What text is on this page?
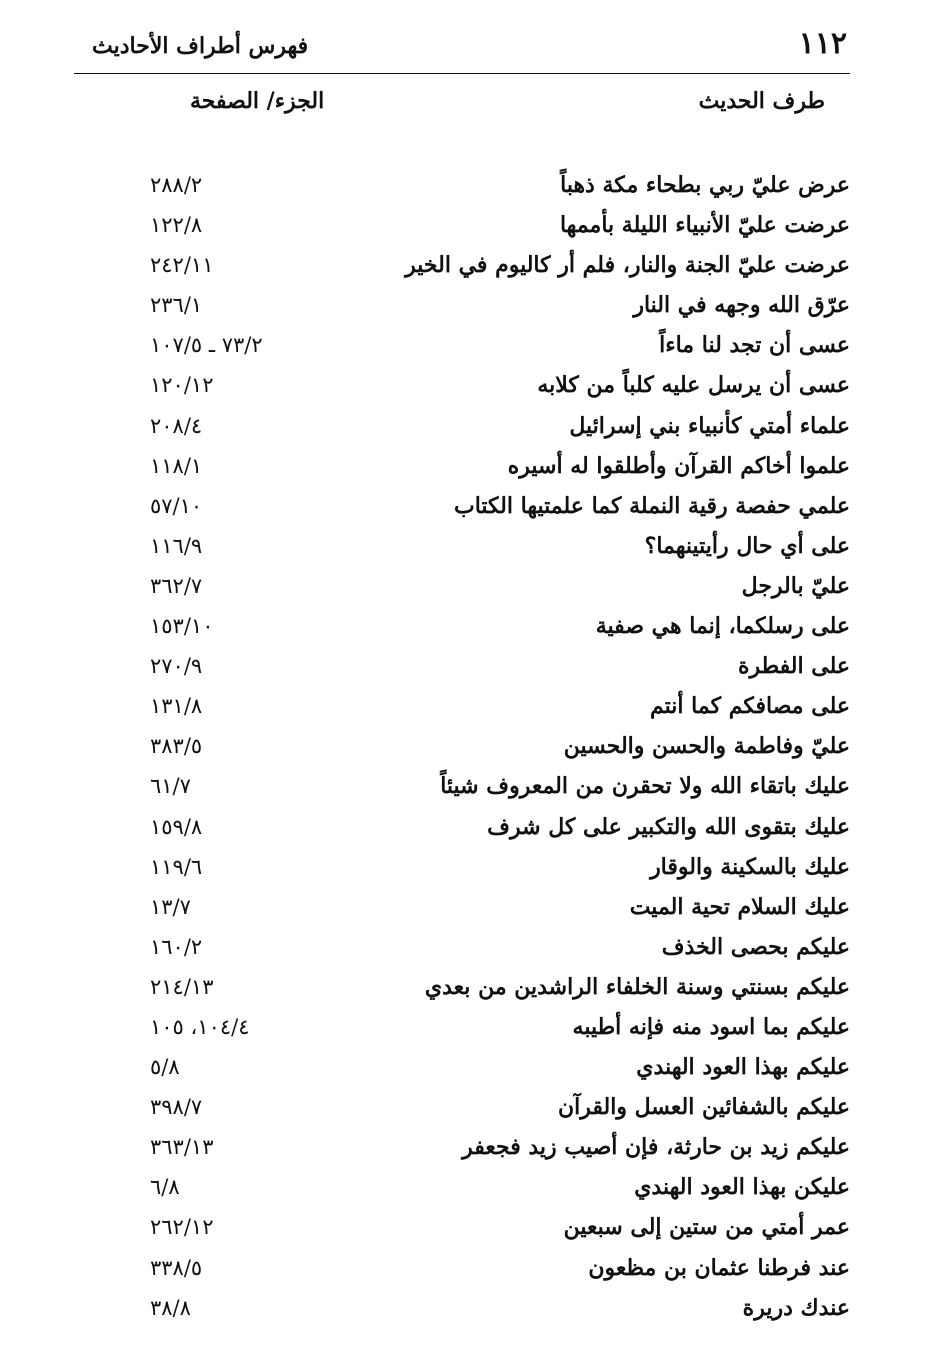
١١٢
فهرس أطراف الأحاديث
طرف الحديث
الجزء/ الصفحة
عرض عليّ ربي بطحاء مكة ذهباً
٢٨٨/٢
عرضت عليّ الأنبياء الليلة بأممها
١٢٢/٨
عرضت عليّ الجنة والنار، فلم أر كاليوم في الخير
٢٤٢/١١
عرّق الله وجهه في النار
٢٣٦/١
عسى أن تجد لنا ماءاً
٧٣/٢ ـ ١٠٧/٥
عسى أن يرسل عليه كلباً من كلابه
١٢٠/١٢
علماء أمتي كأنبياء بني إسرائيل
٢٠٨/٤
علموا أخاكم القرآن وأطلقوا له أسيره
١١٨/١
علمي حفصة رقية النملة كما علمتيها الكتاب
٥٧/١٠
على أي حال رأيتينهما؟
١١٦/٩
عليّ بالرجل
٣٦٢/٧
على رسلكما، إنما هي صفية
١٥٣/١٠
على الفطرة
٢٧٠/٩
على مصافكم كما أنتم
١٣١/٨
عليّ وفاطمة والحسن والحسين
٣٨٣/٥
عليك باتقاء الله ولا تحقرن من المعروف شيئاً
٦١/٧
عليك بتقوى الله والتكبير على كل شرف
١٥٩/٨
عليك بالسكينة والوقار
١١٩/٦
عليك السلام تحية الميت
١٣/٧
عليكم بحصى الخذف
١٦٠/٢
عليكم بسنتي وسنة الخلفاء الراشدين من بعدي
٢١٤/١٣
عليكم بما اسود منه فإنه أطيبه
١٠٤/٤، ١٠٥
عليكم بهذا العود الهندي
٥/٨
عليكم بالشفائين العسل والقرآن
٣٩٨/٧
عليكم زيد بن حارثة، فإن أصيب زيد فجعفر
٣٦٣/١٣
عليكن بهذا العود الهندي
٦/٨
عمر أمتي من ستين إلى سبعين
٢٦٢/١٢
عند فرطنا عثمان بن مظعون
٣٣٨/٥
عندك دريرة
٣٨/٨
